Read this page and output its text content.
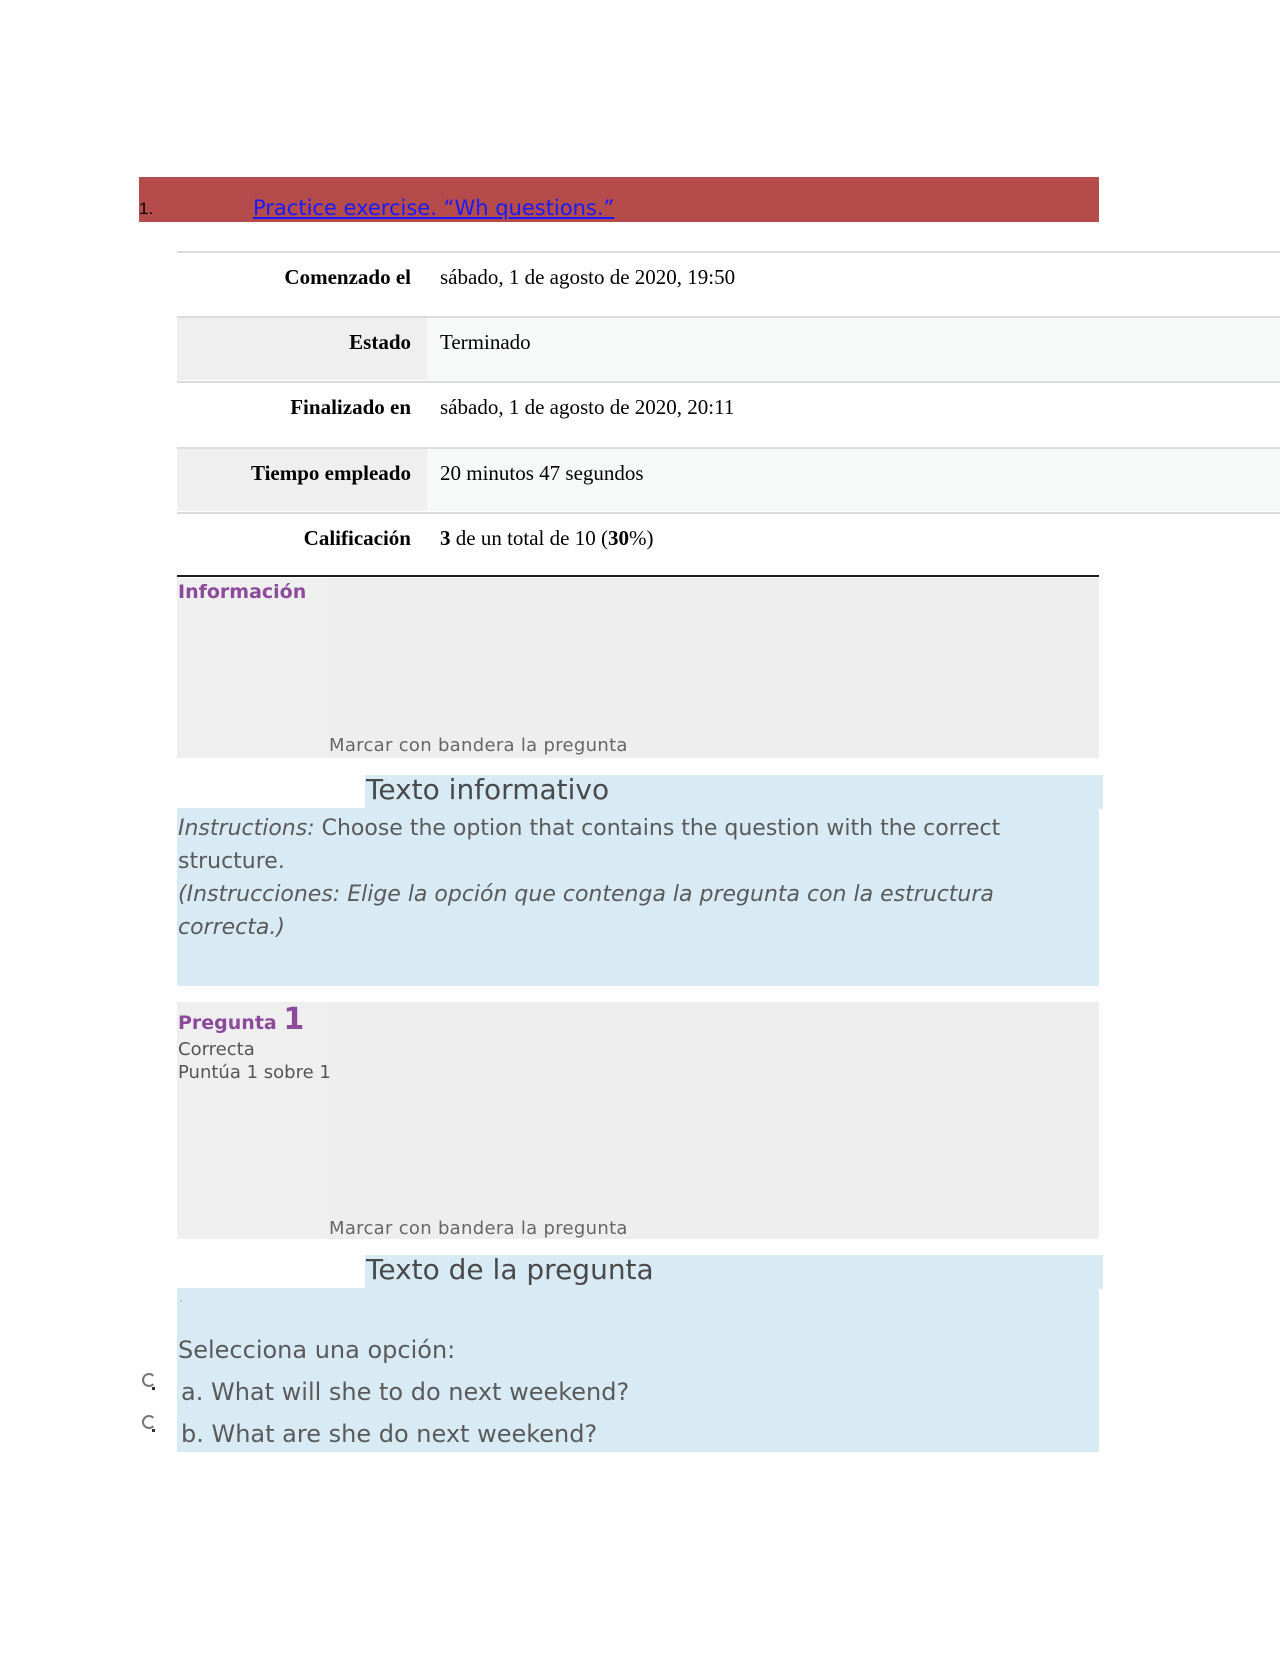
1.	Practice exercise. “Wh questions.”
Comenzado el sábado, 1 de agosto de 2020, 19:50
Estado Terminado
Finalizado en sábado, 1 de agosto de 2020, 20:11
Tiempo empleado 20 minutos 47 segundos
Calificación 3 de un total de 10 (30%)
Información
Marcar con bandera la pregunta
Texto informativo
Instructions: Choose the option that contains the question with the correct structure.
(Instrucciones: Elige la opción que contenga la pregunta con la estructura correcta.)
Pregunta 1
Correcta
Puntúa 1 sobre 1
Marcar con bandera la pregunta
Texto de la pregunta
.
Selecciona una opción:
a. What will she to do next weekend?
b. What are she do next weekend?
